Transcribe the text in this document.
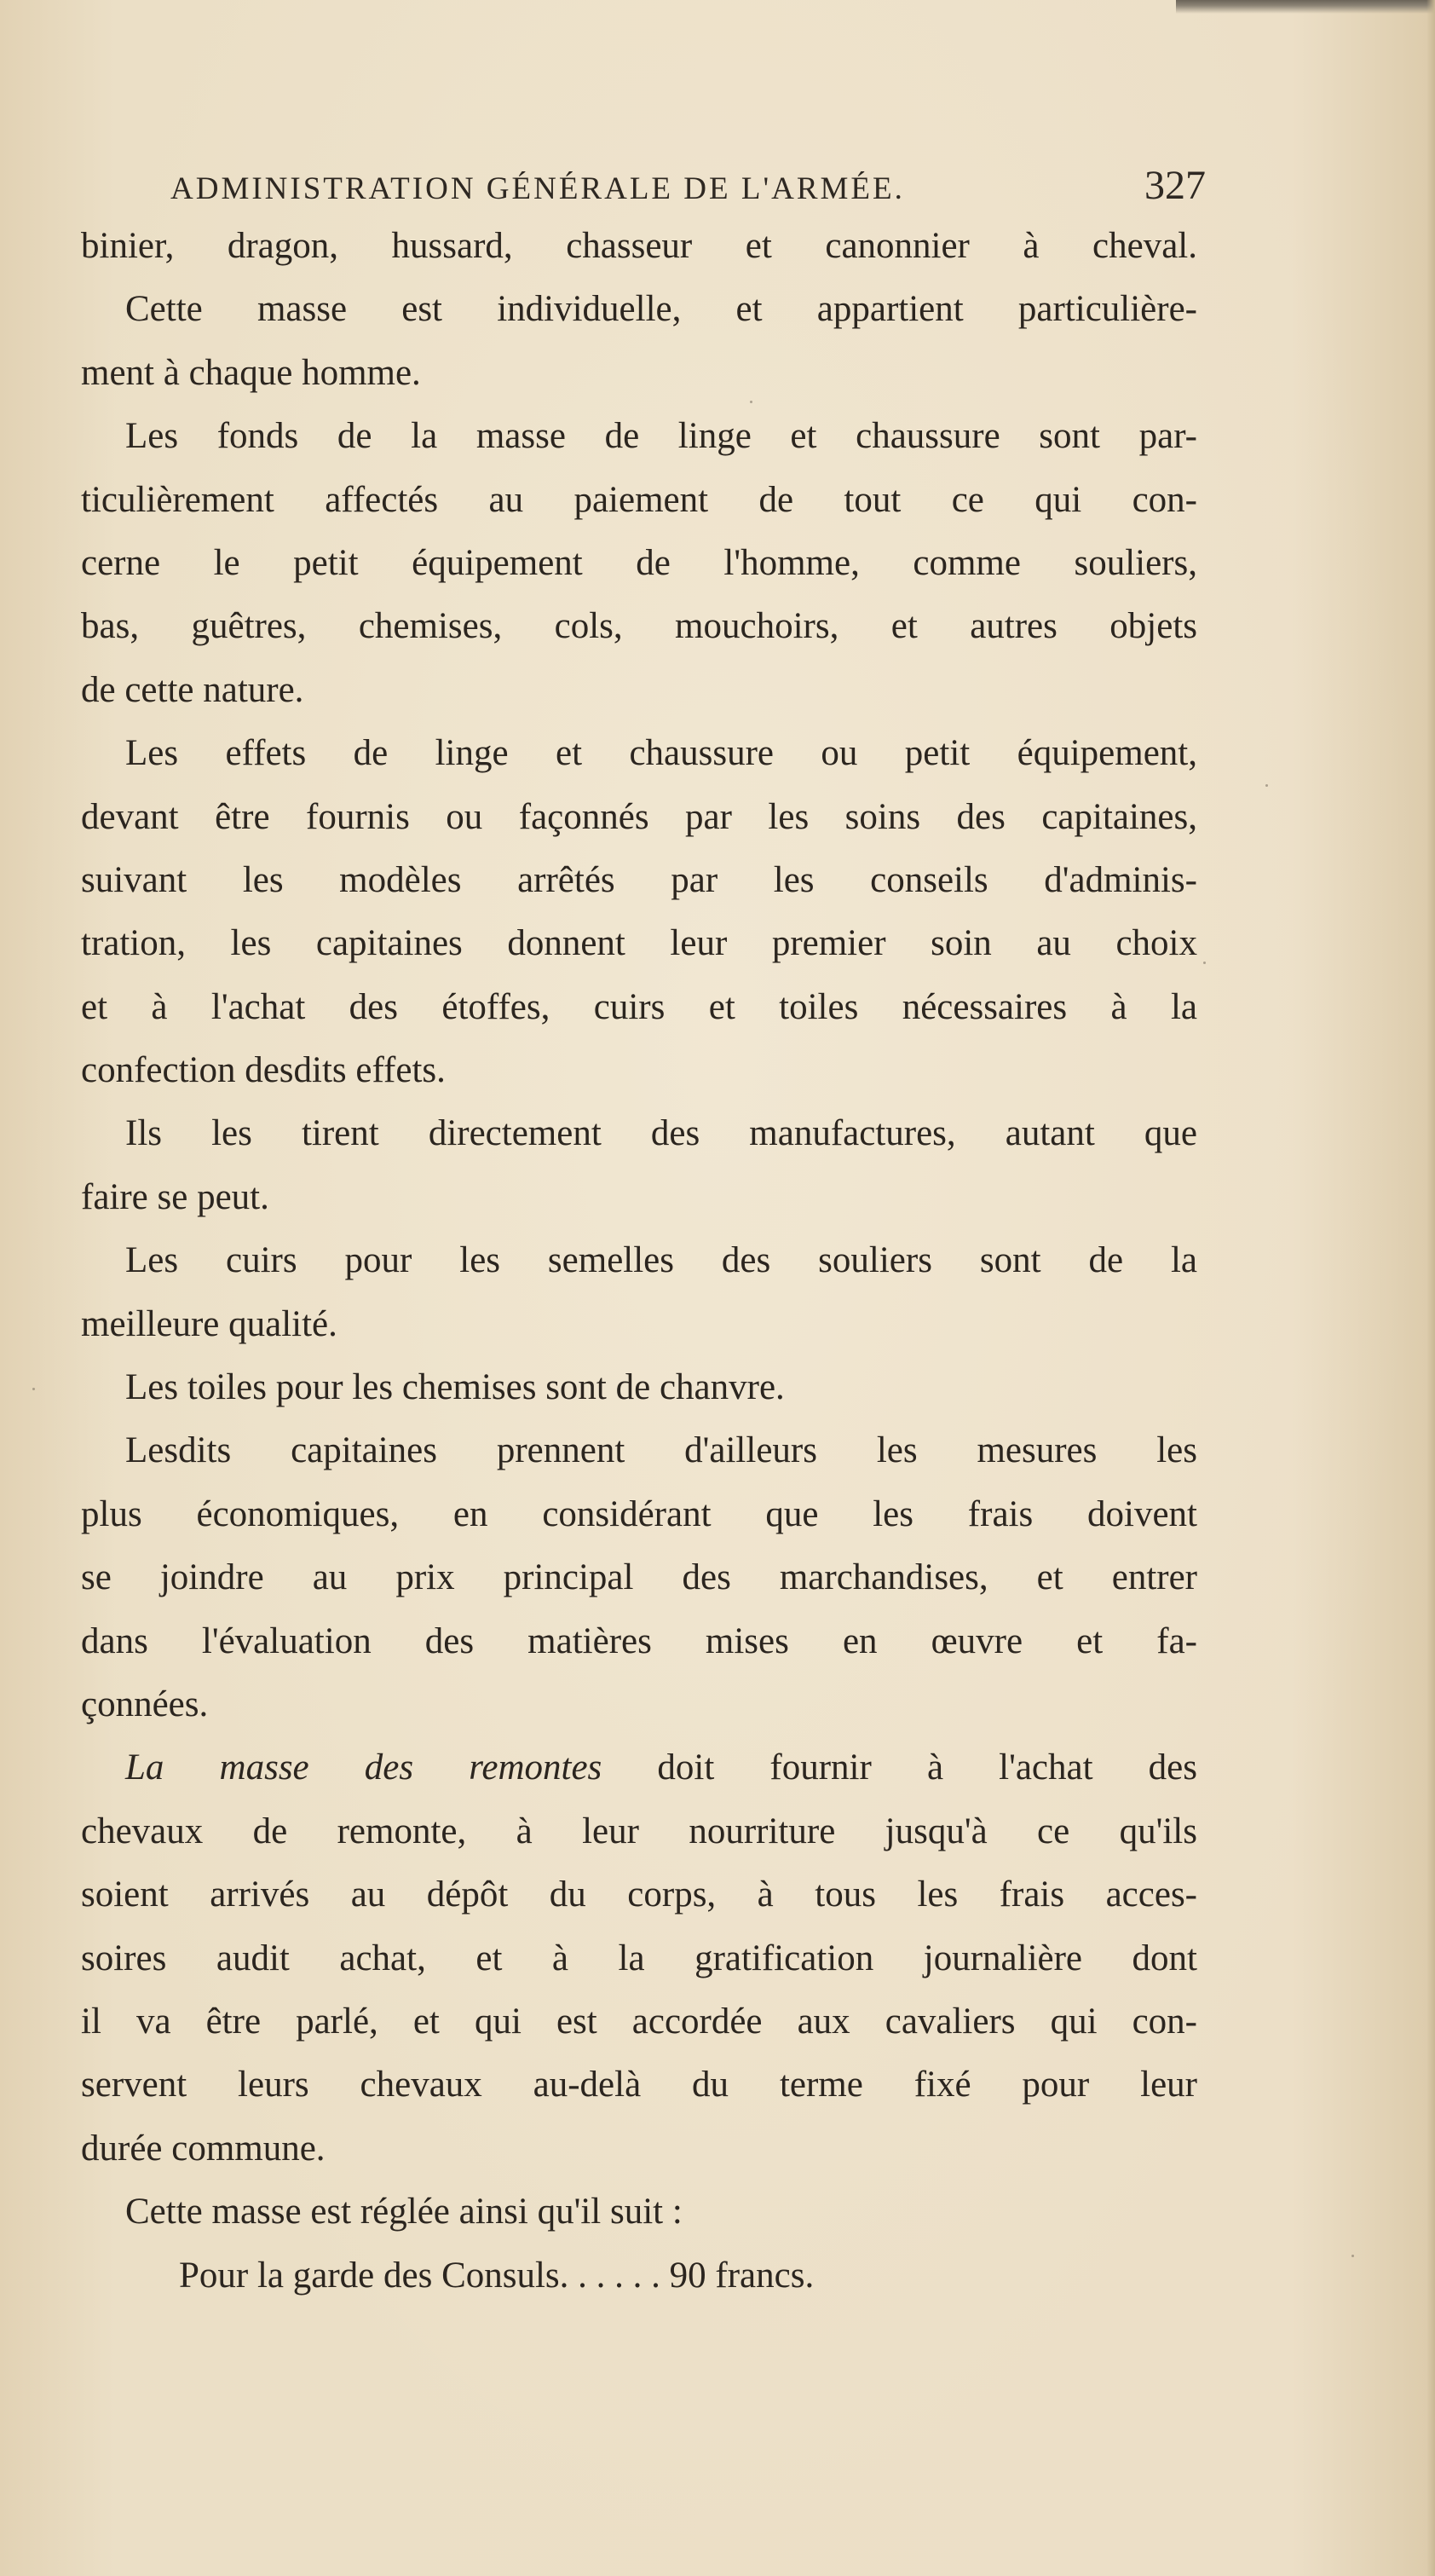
ADMINISTRATION GÉNÉRALE DE L'ARMÉE.	327
binier, dragon, hussard, chasseur et canonnier à cheval.
Cette masse est individuelle, et appartient particulière-
ment à chaque homme.
Les fonds de la masse de linge et chaussure sont par-
ticulièrement affectés au paiement de tout ce qui con-
cerne le petit équipement de l'homme, comme souliers,
bas, guêtres, chemises, cols, mouchoirs, et autres objets
de cette nature.
Les effets de linge et chaussure ou petit équipement,
devant être fournis ou façonnés par les soins des capitaines,
suivant les modèles arrêtés par les conseils d'adminis-
tration, les capitaines donnent leur premier soin au choix
et à l'achat des étoffes, cuirs et toiles nécessaires à la
confection desdits effets.
Ils les tirent directement des manufactures, autant que
faire se peut.
Les cuirs pour les semelles des souliers sont de la
meilleure qualité.
Les toiles pour les chemises sont de chanvre.
Lesdits capitaines prennent d'ailleurs les mesures les
plus économiques, en considérant que les frais doivent
se joindre au prix principal des marchandises, et entrer
dans l'évaluation des matières mises en œuvre et fa-
çonnées.
La masse des remontes doit fournir à l'achat des
chevaux de remonte, à leur nourriture jusqu'à ce qu'ils
soient arrivés au dépôt du corps, à tous les frais acces-
soires audit achat, et à la gratification journalière dont
il va être parlé, et qui est accordée aux cavaliers qui con-
servent leurs chevaux au-delà du terme fixé pour leur
durée commune.
Cette masse est réglée ainsi qu'il suit :
Pour la garde des Consuls. . . . . . 90 francs.
